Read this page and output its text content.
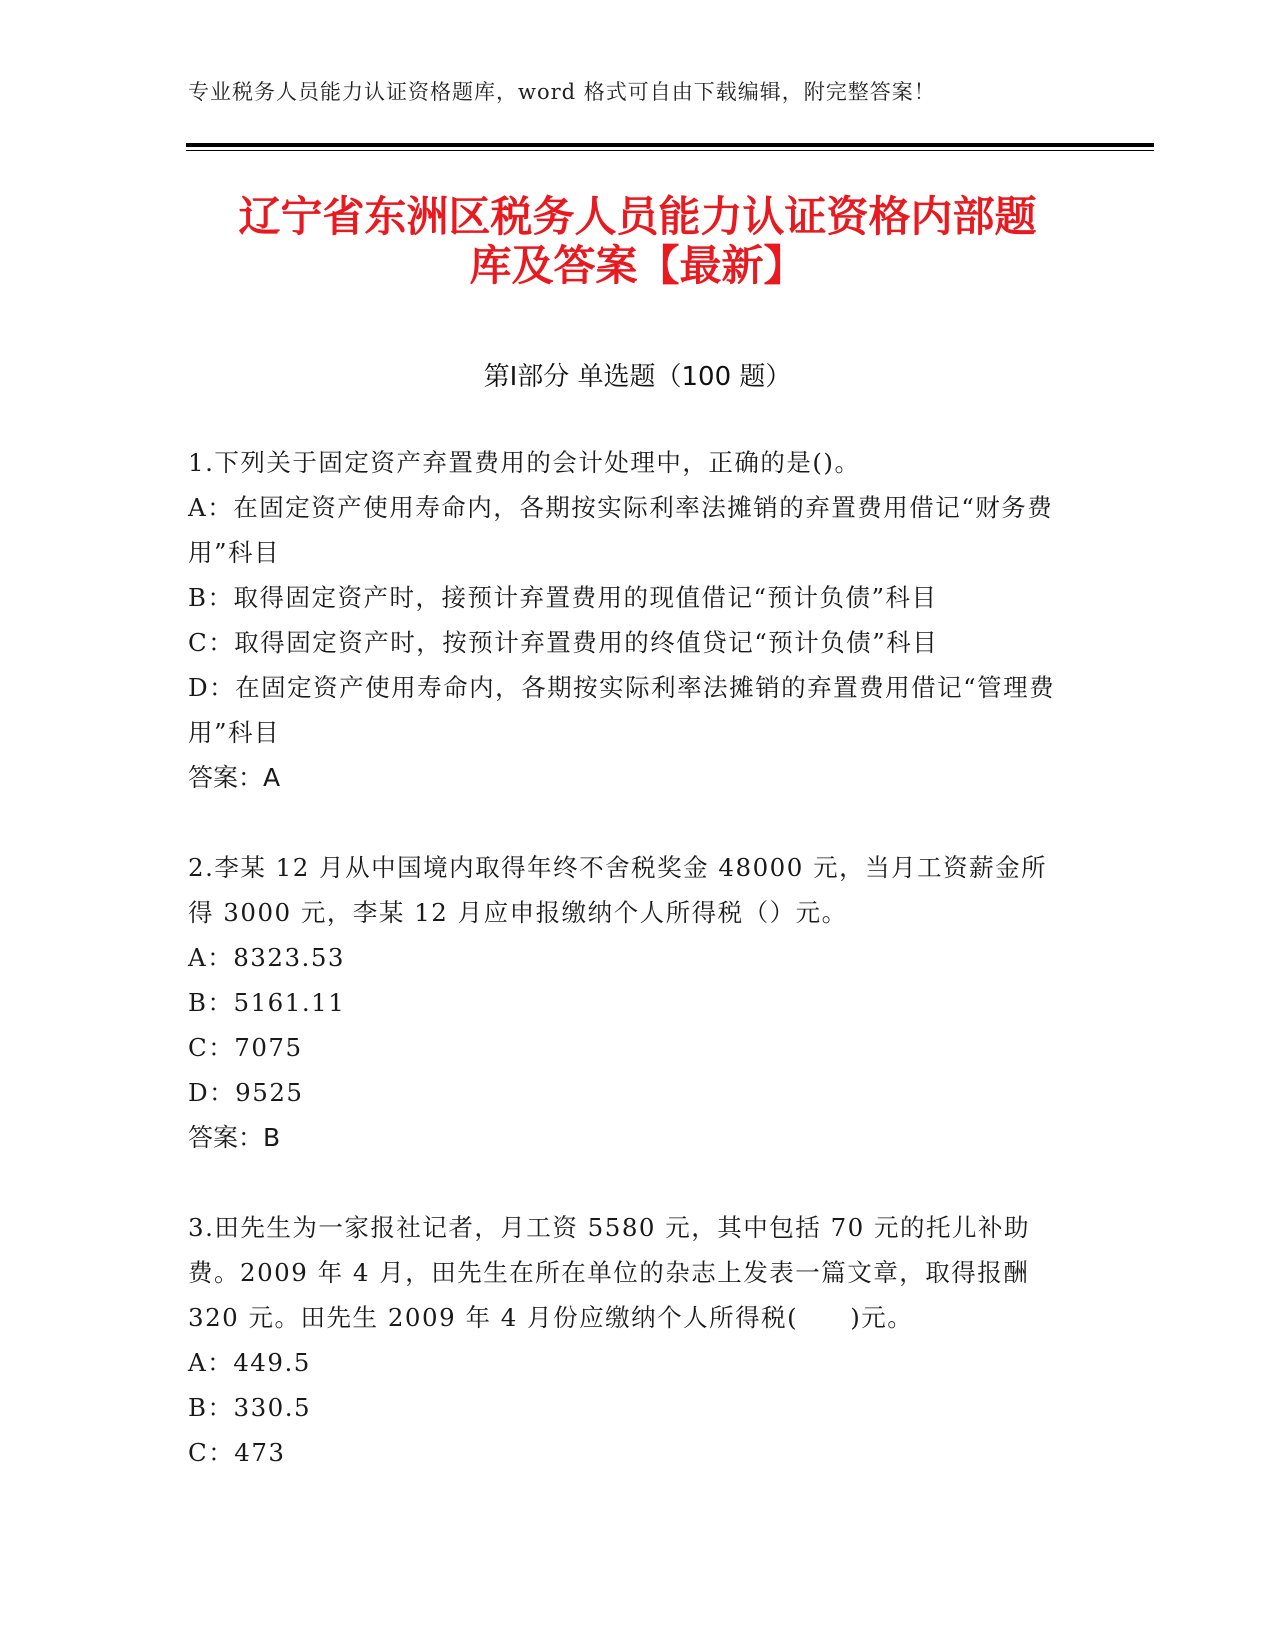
专业税务人员能力认证资格题库，word 格式可自由下载编辑，附完整答案！
辽宁省东洲区税务人员能力认证资格内部题
库及答案【最新】
第Ⅰ部分 单选题（100 题）

1.下列关于固定资产弃置费用的会计处理中，正确的是()。

A：在固定资产使用寿命内，各期按实际利率法摊销的弃置费用借记“财务费用”科目

B：取得固定资产时，接预计弃置费用的现值借记“预计负债”科目

C：取得固定资产时，按预计弃置费用的终值贷记“预计负债”科目

D：在固定资产使用寿命内，各期按实际利率法摊销的弃置费用借记“管理费用”科目

答案：A

2.李某 12 月从中国境内取得年终不舍税奖金 48000 元，当月工资薪金所得 3000 元，李某 12 月应申报缴纳个人所得税（）元。

A：8323.53

B：5161.11

C：7075

D：9525

答案：B

3.田先生为一家报社记者，月工资 5580 元，其中包括 70 元的托儿补助费。2009 年 4 月，田先生在所在单位的杂志上发表一篇文章，取得报酬 320 元。田先生 2009 年 4 月份应缴纳个人所得税(　　)元。

A：449.5

B：330.5

C：473
